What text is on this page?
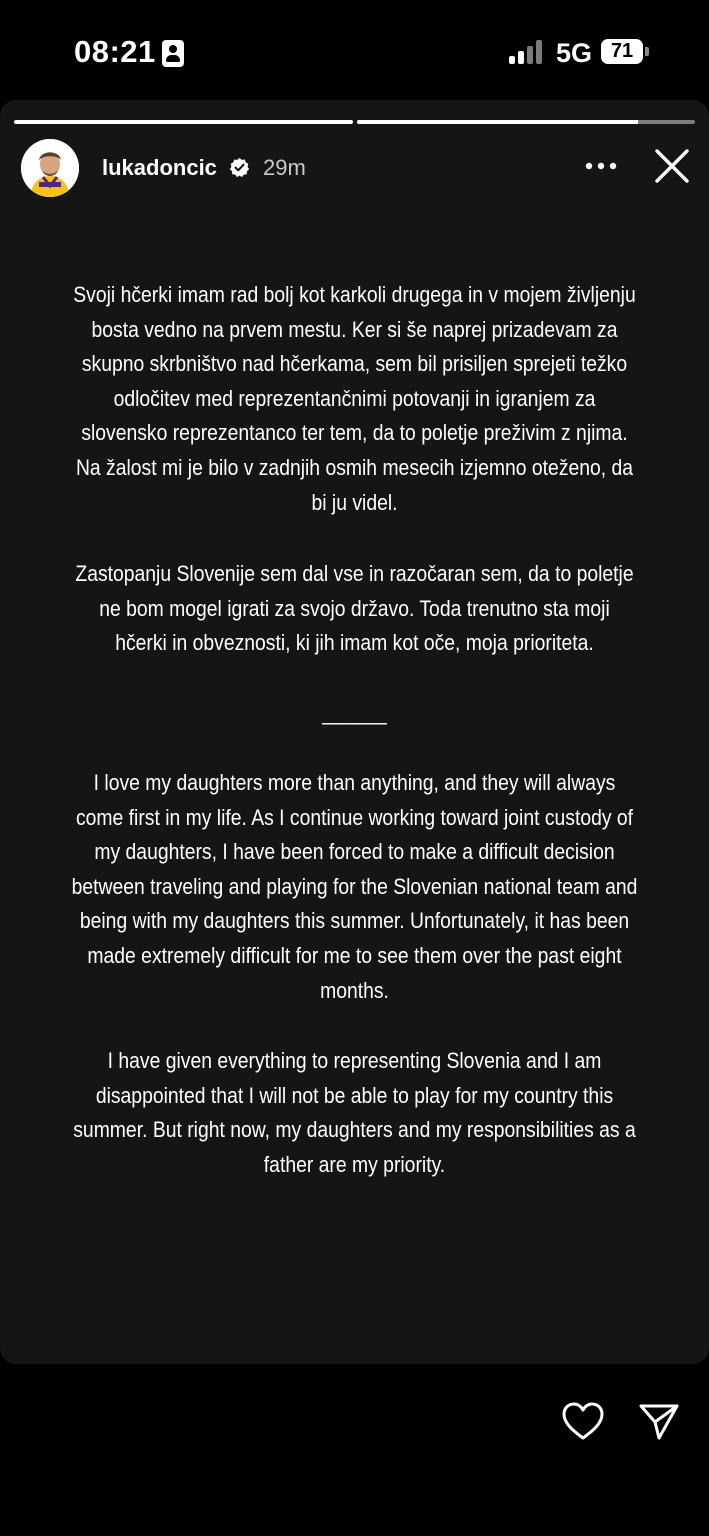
08:21	5G 71
lukadoncic 29m

Svoji hčerki imam rad bolj kot karkoli drugega in v mojem življenju bosta vedno na prvem mestu. Ker si še naprej prizadevam za skupno skrbništvo nad hčerkama, sem bil prisiljen sprejeti težko odločitev med reprezentančnimi potovanji in igranjem za slovensko reprezentanco ter tem, da to poletje preživim z njima. Na žalost mi je bilo v zadnjih osmih mesecih izjemno oteženo, da bi ju videl.

Zastopanju Slovenije sem dal vse in razočaran sem, da to poletje ne bom mogel igrati za svojo državo. Toda trenutno sta moji hčerki in obveznosti, ki jih imam kot oče, moja prioriteta.

______

I love my daughters more than anything, and they will always come first in my life. As I continue working toward joint custody of my daughters, I have been forced to make a difficult decision between traveling and playing for the Slovenian national team and being with my daughters this summer. Unfortunately, it has been made extremely difficult for me to see them over the past eight months.

I have given everything to representing Slovenia and I am disappointed that I will not be able to play for my country this summer. But right now, my daughters and my responsibilities as a father are my priority.
